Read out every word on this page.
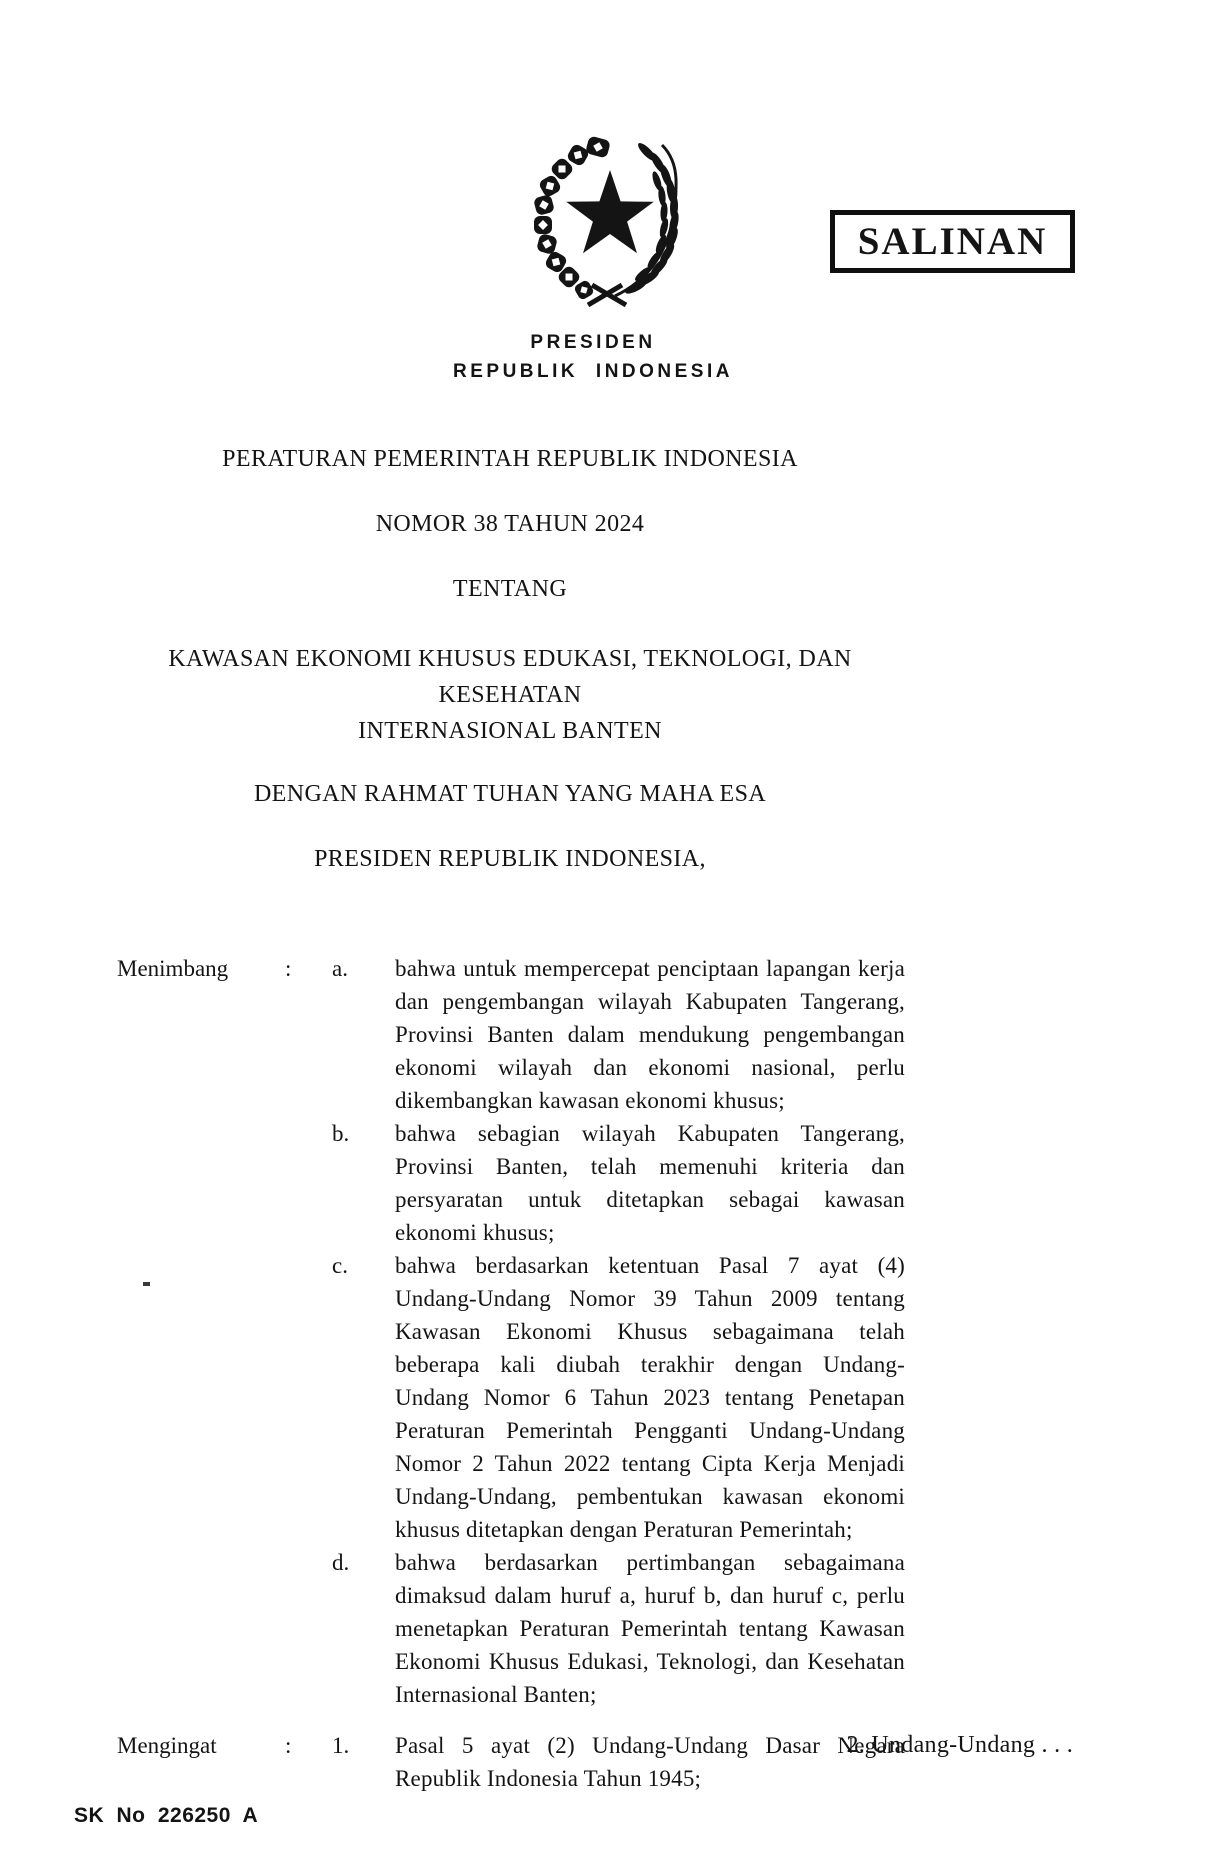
SALINAN
PRESIDEN
REPUBLIK INDONESIA
PERATURAN PEMERINTAH REPUBLIK INDONESIA
NOMOR 38 TAHUN 2024
TENTANG
KAWASAN EKONOMI KHUSUS EDUKASI, TEKNOLOGI, DAN KESEHATAN
INTERNASIONAL BANTEN
DENGAN RAHMAT TUHAN YANG MAHA ESA
PRESIDEN REPUBLIK INDONESIA,
Menimbang	:	a.	bahwa untuk mempercepat penciptaan lapangan kerja dan pengembangan wilayah Kabupaten Tangerang, Provinsi Banten dalam mendukung pengembangan ekonomi wilayah dan ekonomi nasional, perlu dikembangkan kawasan ekonomi khusus;

b.	bahwa sebagian wilayah Kabupaten Tangerang, Provinsi Banten, telah memenuhi kriteria dan persyaratan untuk ditetapkan sebagai kawasan ekonomi khusus;

c.	bahwa berdasarkan ketentuan Pasal 7 ayat (4) Undang-Undang Nomor 39 Tahun 2009 tentang Kawasan Ekonomi Khusus sebagaimana telah beberapa kali diubah terakhir dengan Undang-Undang Nomor 6 Tahun 2023 tentang Penetapan Peraturan Pemerintah Pengganti Undang-Undang Nomor 2 Tahun 2022 tentang Cipta Kerja Menjadi Undang-Undang, pembentukan kawasan ekonomi khusus ditetapkan dengan Peraturan Pemerintah;

d.	bahwa berdasarkan pertimbangan sebagaimana dimaksud dalam huruf a, huruf b, dan huruf c, perlu menetapkan Peraturan Pemerintah tentang Kawasan Ekonomi Khusus Edukasi, Teknologi, dan Kesehatan Internasional Banten;

Mengingat	:	1.	Pasal 5 ayat (2) Undang-Undang Dasar Negara Republik Indonesia Tahun 1945;

2. Undang-Undang . . .
SK No 226250 A
